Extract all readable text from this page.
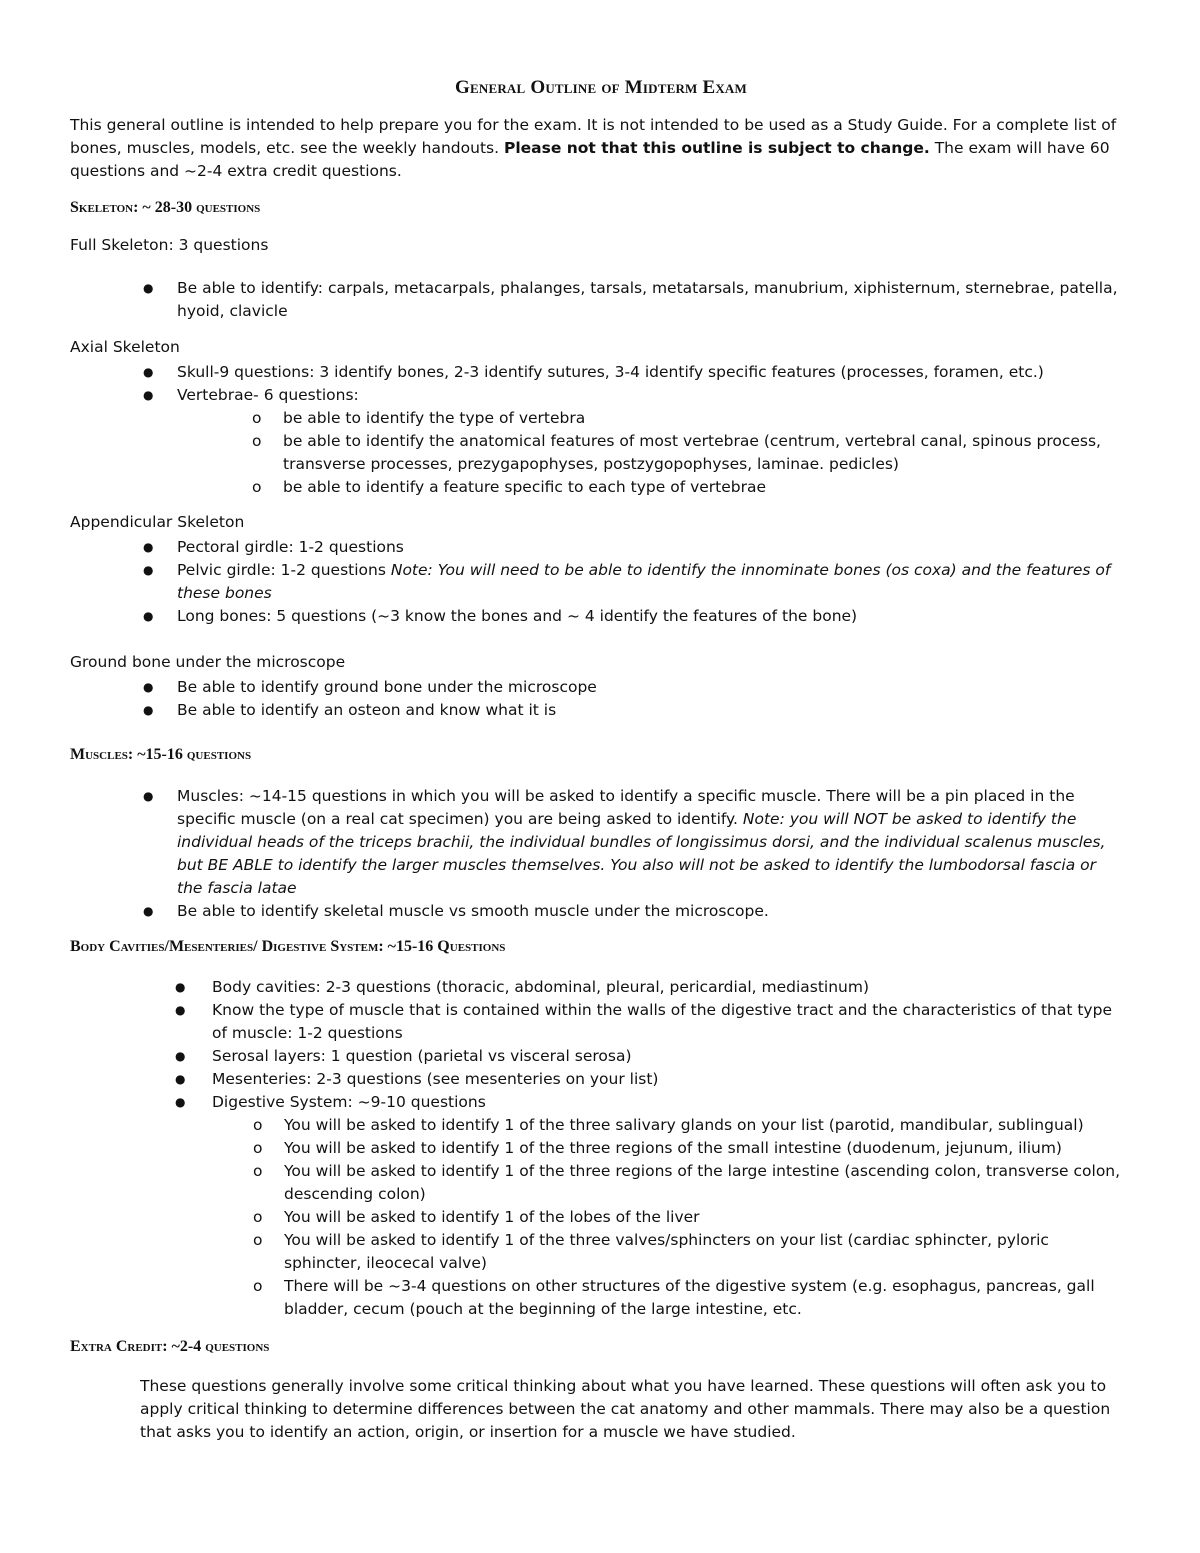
General Outline of Midterm Exam
This general outline is intended to help prepare you for the exam. It is not intended to be used as a Study Guide. For a complete list of bones, muscles, models, etc. see the weekly handouts. Please not that this outline is subject to change. The exam will have 60 questions and ~2-4 extra credit questions.
Skeleton: ~ 28-30 questions
Full Skeleton: 3 questions
● Be able to identify: carpals, metacarpals, phalanges, tarsals, metatarsals, manubrium, xiphisternum, sternebrae, patella, hyoid, clavicle
Axial Skeleton
● Skull-9 questions: 3 identify bones, 2-3 identify sutures, 3-4 identify specific features (processes, foramen, etc.)
● Vertebrae- 6 questions:
o be able to identify the type of vertebra
o be able to identify the anatomical features of most vertebrae (centrum, vertebral canal, spinous process, transverse processes, prezygapophyses, postzygopophyses, laminae. pedicles)
o be able to identify a feature specific to each type of vertebrae
Appendicular Skeleton
● Pectoral girdle: 1-2 questions
● Pelvic girdle: 1-2 questions Note: You will need to be able to identify the innominate bones (os coxa) and the features of these bones
● Long bones: 5 questions (~3 know the bones and ~ 4 identify the features of the bone)
Ground bone under the microscope
● Be able to identify ground bone under the microscope
● Be able to identify an osteon and know what it is
Muscles: ~15-16 questions
● Muscles: ~14-15 questions in which you will be asked to identify a specific muscle. There will be a pin placed in the specific muscle (on a real cat specimen) you are being asked to identify. Note: you will NOT be asked to identify the individual heads of the triceps brachii, the individual bundles of longissimus dorsi, and the individual scalenus muscles, but BE ABLE to identify the larger muscles themselves. You also will not be asked to identify the lumbodorsal fascia or the fascia latae
● Be able to identify skeletal muscle vs smooth muscle under the microscope.
Body Cavities/Mesenteries/ Digestive System: ~15-16 Questions
● Body cavities: 2-3 questions (thoracic, abdominal, pleural, pericardial, mediastinum)
● Know the type of muscle that is contained within the walls of the digestive tract and the characteristics of that type of muscle: 1-2 questions
● Serosal layers: 1 question (parietal vs visceral serosa)
● Mesenteries: 2-3 questions (see mesenteries on your list)
● Digestive System: ~9-10 questions
o You will be asked to identify 1 of the three salivary glands on your list (parotid, mandibular, sublingual)
o You will be asked to identify 1 of the three regions of the small intestine (duodenum, jejunum, ilium)
o You will be asked to identify 1 of the three regions of the large intestine (ascending colon, transverse colon, descending colon)
o You will be asked to identify 1 of the lobes of the liver
o You will be asked to identify 1 of the three valves/sphincters on your list (cardiac sphincter, pyloric sphincter, ileocecal valve)
o There will be ~3-4 questions on other structures of the digestive system (e.g. esophagus, pancreas, gall bladder, cecum (pouch at the beginning of the large intestine, etc.
Extra Credit: ~2-4 questions
These questions generally involve some critical thinking about what you have learned. These questions will often ask you to apply critical thinking to determine differences between the cat anatomy and other mammals. There may also be a question that asks you to identify an action, origin, or insertion for a muscle we have studied.
